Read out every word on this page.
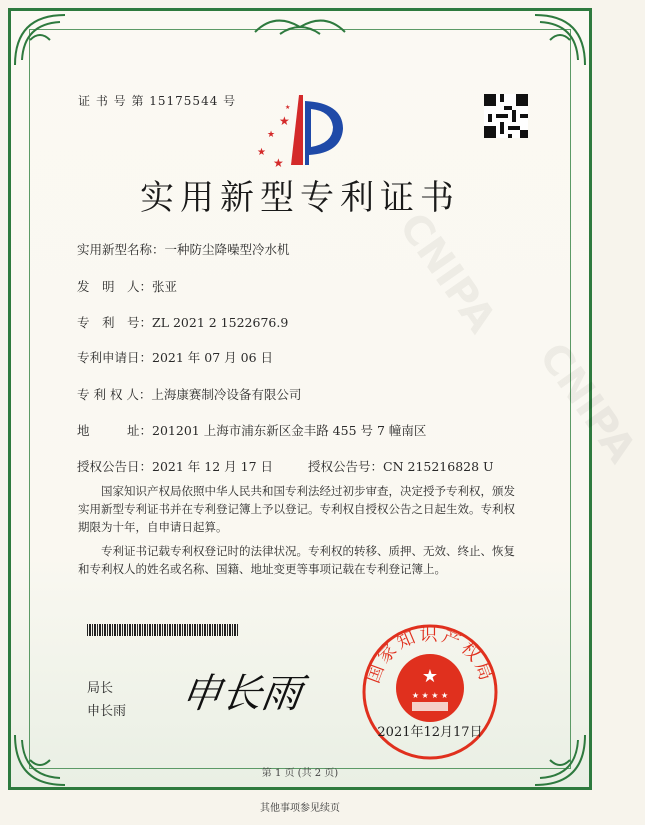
CNIPA
CNIPA
证 书 号 第 15175544 号
★
★
★
★
★
实用新型专利证书
实用新型名称：一种防尘降噪型冷水机
发　明　人：张亚
专　利　号：ZL 2021 2 1522676.9
专利申请日：2021 年 07 月 06 日
专 利 权 人：上海康赛制冷设备有限公司
地　　　址：201201 上海市浦东新区金丰路 455 号 7 幢南区
授权公告日：2021 年 12 月 17 日	授权公告号：CN 215216828 U
国家知识产权局依照中华人民共和国专利法经过初步审查，决定授予专利权，颁发实用新型专利证书并在专利登记簿上予以登记。专利权自授权公告之日起生效。专利权期限为十年，自申请日起算。
专利证书记载专利权登记时的法律状况。专利权的转移、质押、无效、终止、恢复和专利权人的姓名或名称、国籍、地址变更等事项记载在专利登记簿上。
局长
申长雨 申长雨	国家知识产权局
★
★ ★ ★ ★
2021年12月17日
第 1 页 (共 2 页)
其他事项参见续页
